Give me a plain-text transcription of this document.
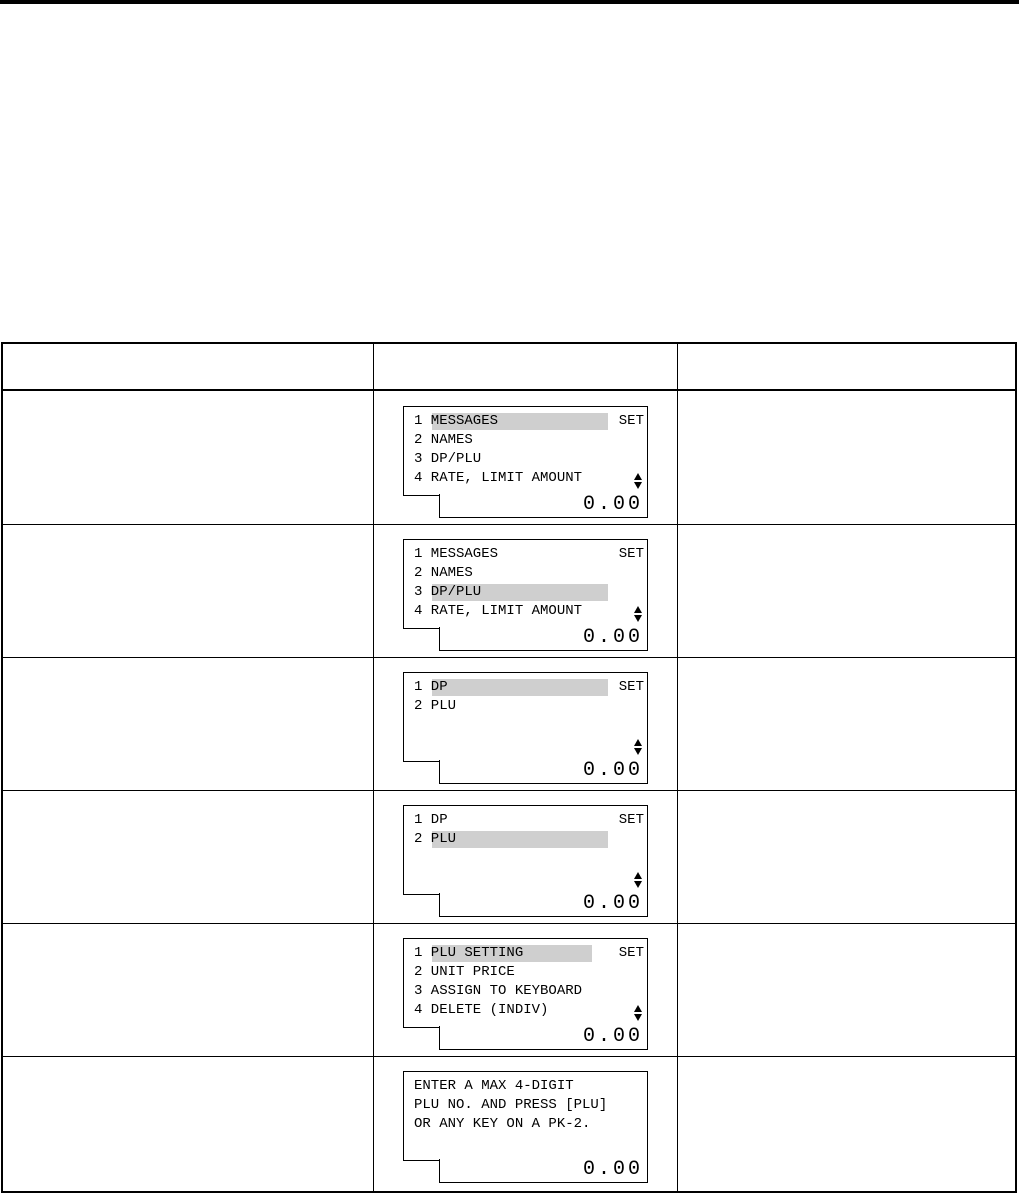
1 MESSAGES
2 NAMES
3 DP/PLU
4 RATE, LIMIT AMOUNT
SET
0.00
1 MESSAGES
2 NAMES
3 DP/PLU
4 RATE, LIMIT AMOUNT
SET
0.00
1 DP
2 PLU
SET
0.00
1 DP
2 PLU
SET
0.00
1 PLU SETTING
2 UNIT PRICE
3 ASSIGN TO KEYBOARD
4 DELETE (INDIV)
SET
0.00
ENTER A MAX 4-DIGIT
PLU NO. AND PRESS [PLU]
OR ANY KEY ON A PK-2.
0.00
